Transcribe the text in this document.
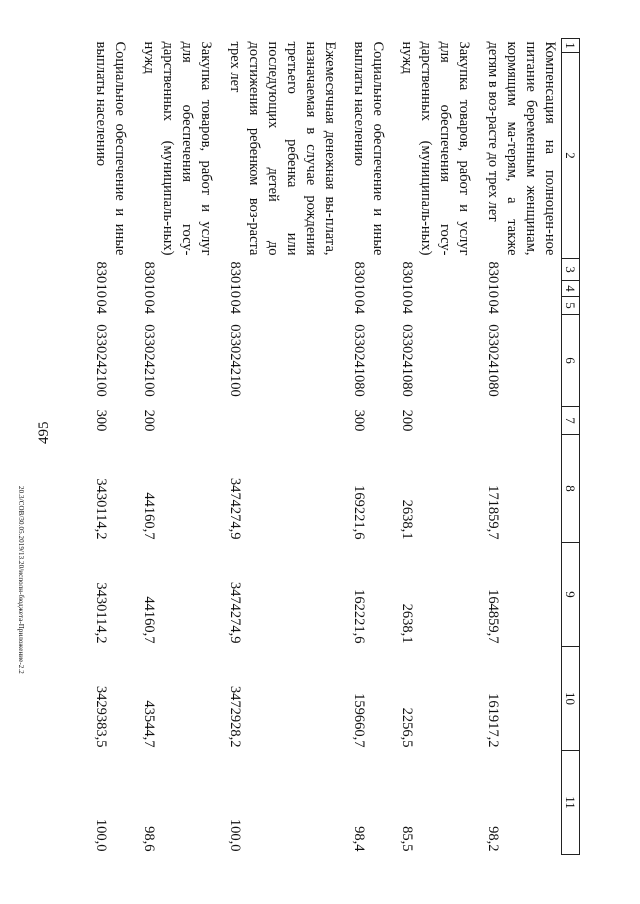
495
1	2	3	4	5	6	7	8	9	10	11
Компенсация на полноцен-ное питание беременным женщинам, кормящим ма-терям, а также детям в воз-расте до трех лет		830	10	04	0330241080		171859,7	164859,7	161917,2	98,2
Закупка товаров, работ и услуг для обеспечения госу-дарственных (муниципаль-ных) нужд		830	10	04	0330241080	200	2638,1	2638,1	2256,5	85,5
Социальное обеспечение и иные выплаты населению		830	10	04	0330241080	300	169221,6	162221,6	159660,7	98,4
Ежемесячная денежная вы-плата, назначаемая в случае рождения третьего ребенка или последующих детей до достижения ребенком воз-раста трех лет		830	10	04	0330242100		3474274,9	3474274,9	3472928,2	100,0
Закупка товаров, работ и услуг для обеспечения госу-дарственных (муниципаль-ных) нужд		830	10	04	0330242100	200	44160,7	44160,7	43544,7	98,6
Социальное обеспечение и иные выплаты населению		830	10	04	0330242100	300	3430114,2	3430114,2	3429383,5	100,0
20.3/СОВ/30.05.2019/13.20/исполн-бюджета-Приложение-2.2
